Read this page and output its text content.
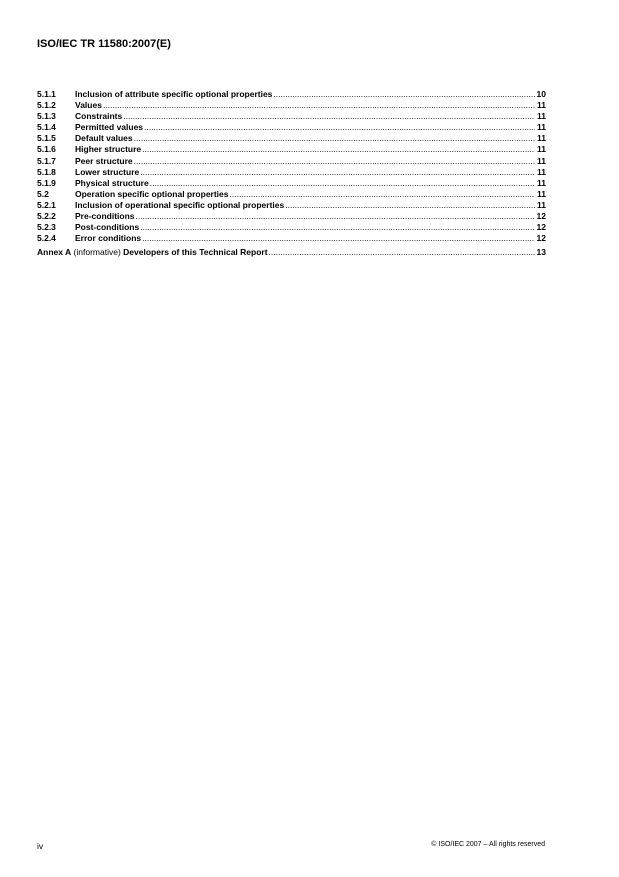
ISO/IEC TR 11580:2007(E)
5.1.1	Inclusion of attribute specific optional properties .....	10
5.1.2	Values .....	11
5.1.3	Constraints .....	11
5.1.4	Permitted values .....	11
5.1.5	Default values .....	11
5.1.6	Higher structure .....	11
5.1.7	Peer structure .....	11
5.1.8	Lower structure .....	11
5.1.9	Physical structure .....	11
5.2	Operation specific optional properties .....	11
5.2.1	Inclusion of operational specific optional properties .....	11
5.2.2	Pre-conditions .....	12
5.2.3	Post-conditions .....	12
5.2.4	Error conditions .....	12
Annex A (informative) Developers of this Technical Report .....	13
iv	© ISO/IEC 2007 – All rights reserved
